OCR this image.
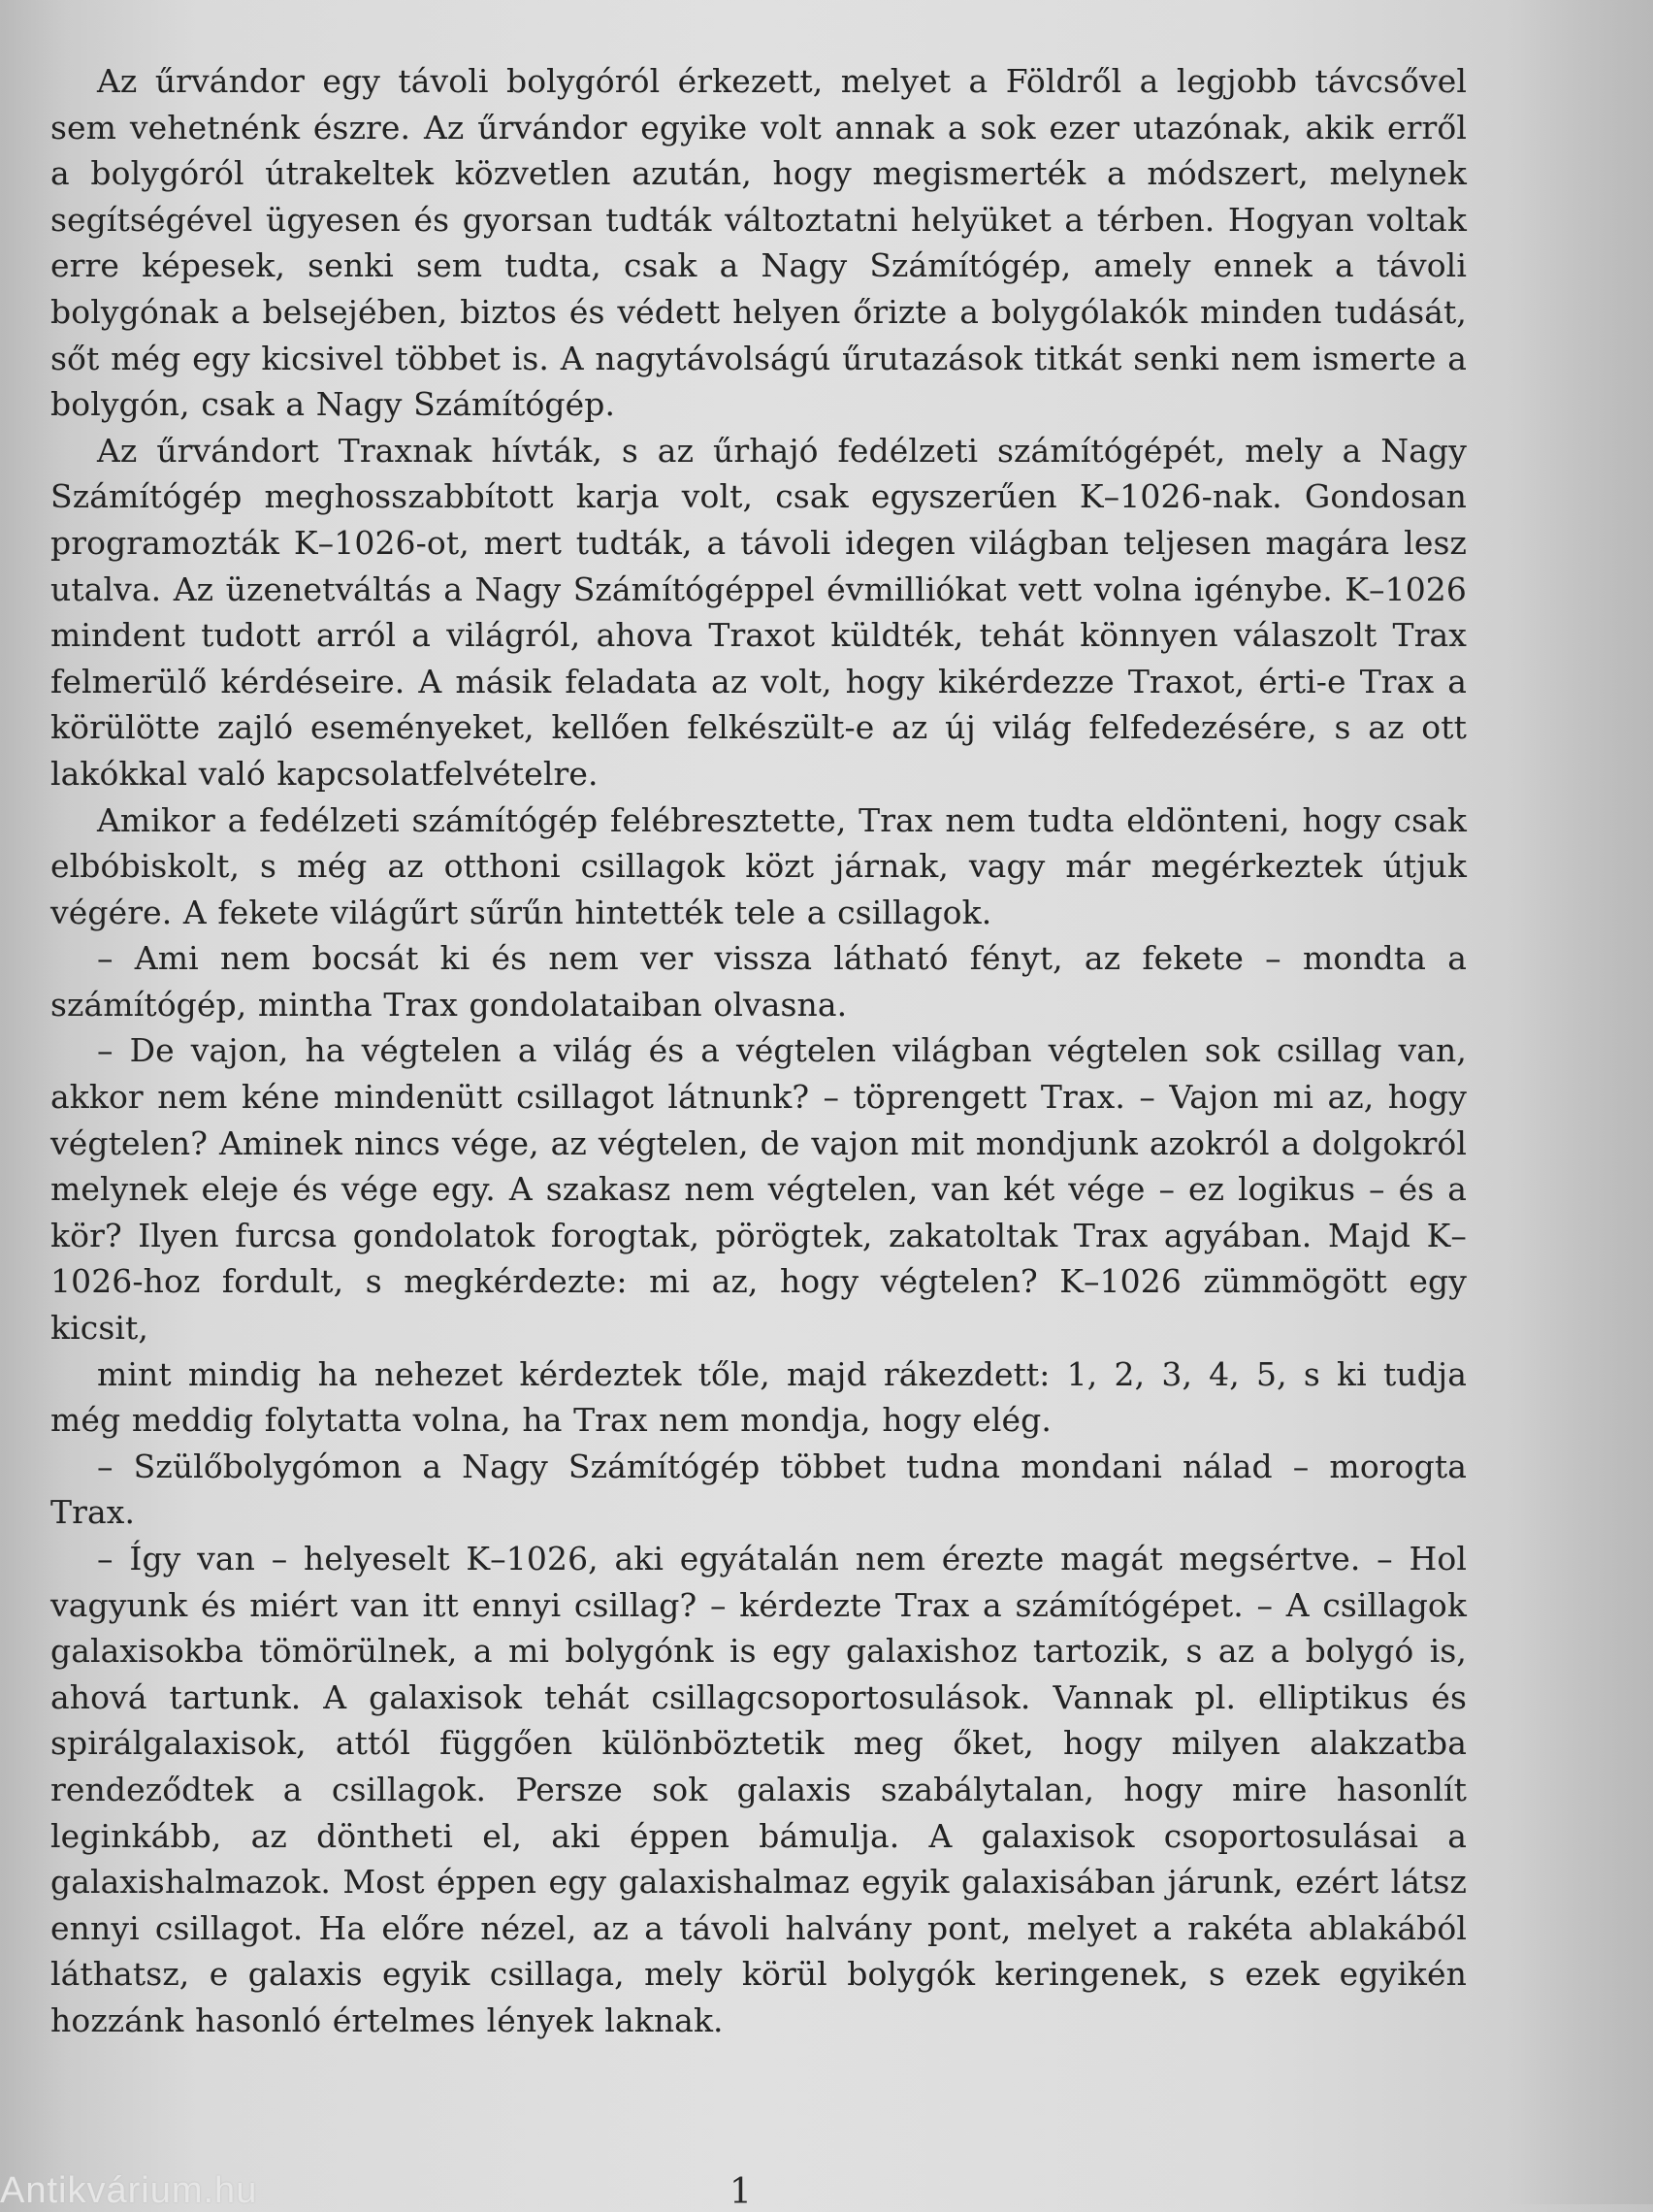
Az űrvándor egy távoli bolygóról érkezett, melyet a Földről a legjobb távcsővel sem vehetnénk észre. Az űrvándor egyike volt annak a sok ezer utazónak, akik erről a bolygóról útrakeltek közvetlen azután, hogy megismerték a módszert, melynek segítségével ügyesen és gyorsan tudták változtatni helyüket a térben. Hogyan voltak erre képesek, senki sem tudta, csak a Nagy Számítógép, amely ennek a távoli bolygónak a belsejében, biztos és védett helyen őrizte a bolygólakók minden tudását, sőt még egy kicsivel többet is. A nagytávolságú űrutazások titkát senki nem ismerte a bolygón, csak a Nagy Számítógép.

Az űrvándort Traxnak hívták, s az űrhajó fedélzeti számítógépét, mely a Nagy Számítógép meghosszabbított karja volt, csak egyszerűen K–1026-nak. Gondosan programozták K–1026-ot, mert tudták, a távoli idegen világban teljesen magára lesz utalva. Az üzenetváltás a Nagy Számítógéppel évmilliókat vett volna igénybe. K–1026 mindent tudott arról a világról, ahova Traxot küldték, tehát könnyen válaszolt Trax felmerülő kérdéseire. A másik feladata az volt, hogy kikérdezze Traxot, érti-e Trax a körülötte zajló eseményeket, kellően felkészült-e az új világ felfedezésére, s az ott lakókkal való kapcsolatfelvételre.

Amikor a fedélzeti számítógép felébresztette, Trax nem tudta eldönteni, hogy csak elbóbiskolt, s még az otthoni csillagok közt járnak, vagy már megérkeztek útjuk végére. A fekete világűrt sűrűn hintették tele a csillagok.

– Ami nem bocsát ki és nem ver vissza látható fényt, az fekete – mondta a számítógép, mintha Trax gondolataiban olvasna.

– De vajon, ha végtelen a világ és a végtelen világban végtelen sok csillag van, akkor nem kéne mindenütt csillagot látnunk? – töprengett Trax. – Vajon mi az, hogy végtelen? Aminek nincs vége, az végtelen, de vajon mit mondjunk azokról a dolgokról melynek eleje és vége egy. A szakasz nem végtelen, van két vége – ez logikus – és a kör? Ilyen furcsa gondolatok forogtak, pörögtek, zakatoltak Trax agyában. Majd K–1026-hoz fordult, s megkérdezte: mi az, hogy végtelen? K–1026 zümmögött egy kicsit,

mint mindig ha nehezet kérdeztek tőle, majd rákezdett: 1, 2, 3, 4, 5, s ki tudja még meddig folytatta volna, ha Trax nem mondja, hogy elég.

– Szülőbolygómon a Nagy Számítógép többet tudna mondani nálad – morogta Trax.

– Így van – helyeselt K–1026, aki egyátalán nem érezte magát megsértve. – Hol vagyunk és miért van itt ennyi csillag? – kérdezte Trax a számítógépet. – A csillagok galaxisokba tömörülnek, a mi bolygónk is egy galaxishoz tartozik, s az a bolygó is, ahová tartunk. A galaxisok tehát csillagcsoportosulások. Vannak pl. elliptikus és spirálgalaxisok, attól függően különböztetik meg őket, hogy milyen alakzatba rendeződtek a csillagok. Persze sok galaxis szabálytalan, hogy mire hasonlít leginkább, az döntheti el, aki éppen bámulja. A galaxisok csoportosulásai a galaxishalmazok. Most éppen egy galaxishalmaz egyik galaxisában járunk, ezért látsz ennyi csillagot. Ha előre nézel, az a távoli halvány pont, melyet a rakéta ablakából láthatsz, e galaxis egyik csillaga, mely körül bolygók keringenek, s ezek egyikén hozzánk hasonló értelmes lények laknak.

Antikvárium.hu	1
